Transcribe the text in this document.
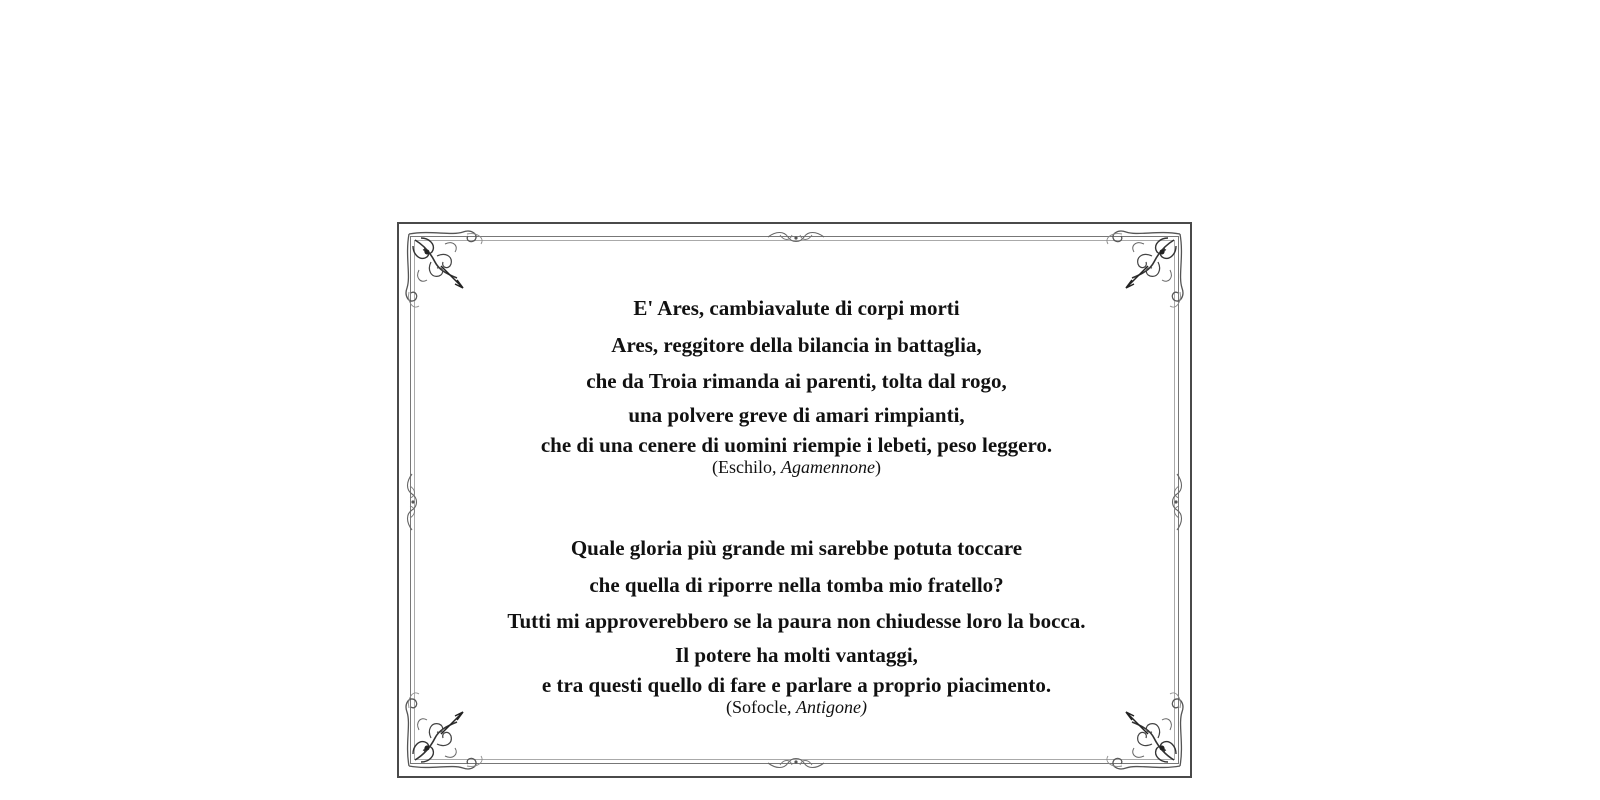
E' Ares, cambiavalute di corpi morti
Ares, reggitore della bilancia in battaglia,
che da Troia rimanda ai parenti, tolta dal rogo,
una polvere greve di amari rimpianti,
che di una cenere di uomini riempie i lebeti, peso leggero.
(Eschilo, Agamennone)
Quale gloria più grande mi sarebbe potuta toccare
che quella di riporre nella tomba mio fratello?
Tutti mi approverebbero se la paura non chiudesse loro la bocca.
Il potere ha molti vantaggi,
e tra questi quello di fare e parlare a proprio piacimento.
(Sofocle, Antigone)
